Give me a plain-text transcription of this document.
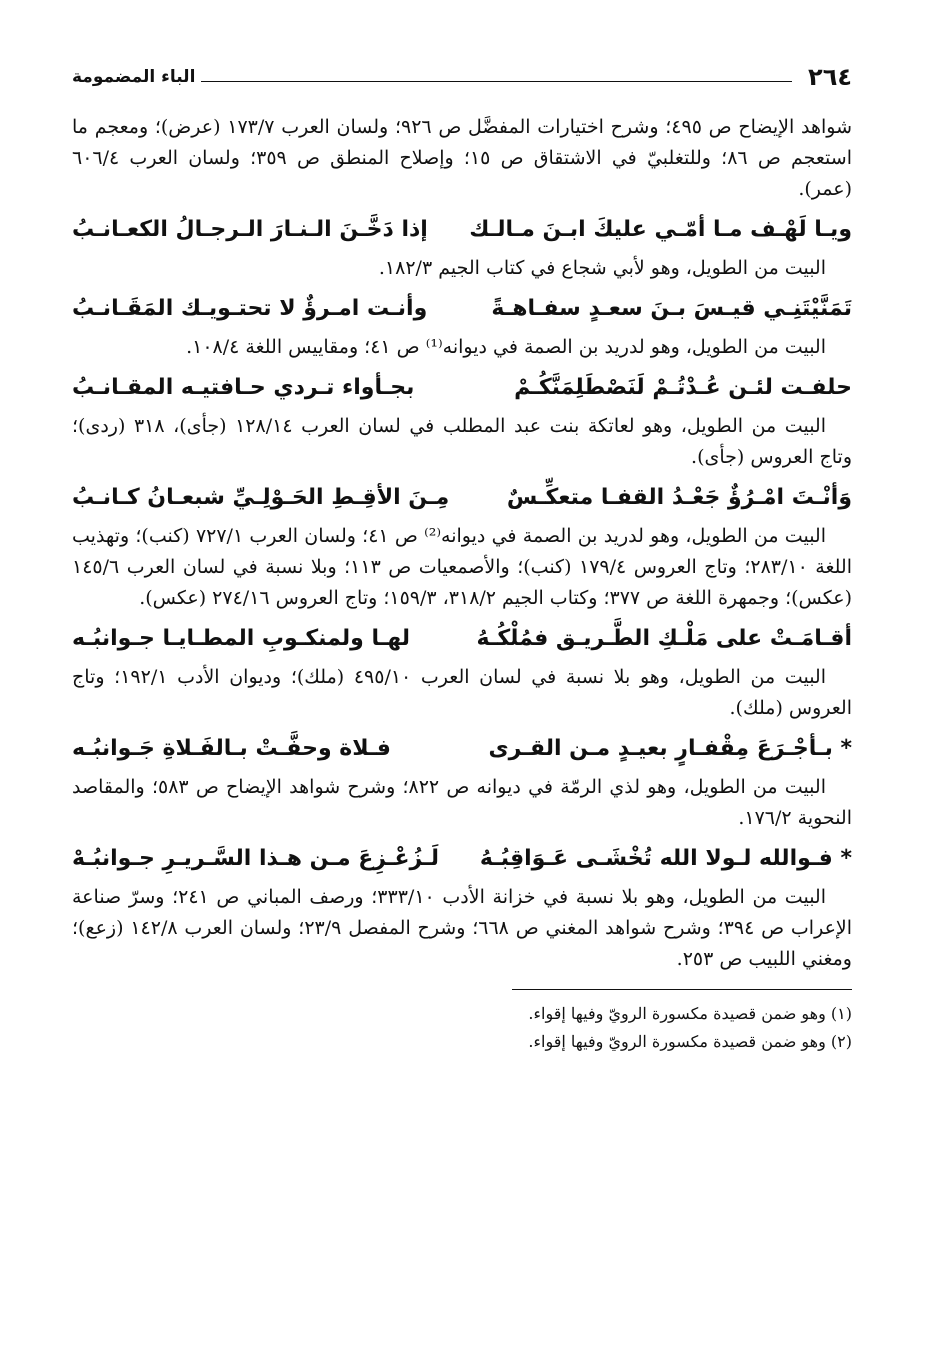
٢٦٤
الباء المضمومة

شواهد الإيضاح ص ٤٩٥؛ وشرح اختيارات المفضَّل ص ٩٢٦؛ ولسان العرب ١٧٣/٧ (عرض)؛ ومعجم ما استعجم ص ٨٦؛ وللتغلبيّ في الاشتقاق ص ١٥؛ وإصلاح المنطق ص ٣٥٩؛ ولسان العرب ٦٠٦/٤ (عمر).

ويـا لَهْـف مـا أمّـي عليكَ ابـنَ مـالـك
إذا دَخَّـنَ الـنـارَ الـرجـالُ الكعـانـبُ

البيت من الطويل، وهو لأبي شجاع في كتاب الجيم ١٨٢/٣.

تَمَنَّيْتَنِـي قيـسَ بـنَ سعـدٍ سفـاهـةً
وأنـت امـرؤٌ لا تحتـويـك المَقَـانـبُ

البيت من الطويل، وهو لدريد بن الصمة في ديوانه⁽¹⁾ ص ٤١؛ ومقاييس اللغة ١٠٨/٤.

حلفـت لئـن عُـدْتُـمْ لَنَصْطَلِمَنَّكُـمْ
بجـأواء تـردي حـافتيـه المقـانـبُ

البيت من الطويل، وهو لعاتكة بنت عبد المطلب في لسان العرب ١٢٨/١٤ (جأى)، ٣١٨ (ردى)؛ وتاج العروس (جأى).

وَأنْـتَ امْـرُؤٌ جَعْـدُ القفـا متعكِّـسٌ
مِـنَ الأقِـطِ الحَـوْلِـيِّ شبعـانُ كـانـبُ

البيت من الطويل، وهو لدريد بن الصمة في ديوانه⁽²⁾ ص ٤١؛ ولسان العرب ٧٢٧/١ (كنب)؛ وتهذيب اللغة ٢٨٣/١٠؛ وتاج العروس ١٧٩/٤ (كنب)؛ والأصمعيات ص ١١٣؛ وبلا نسبة في لسان العرب ١٤٥/٦ (عكس)؛ وجمهرة اللغة ص ٣٧٧؛ وكتاب الجيم ٣١٨/٢، ١٥٩/٣؛ وتاج العروس ٢٧٤/١٦ (عكس).

أقـامَـتْ على مَلْـكِ الطَّـريـق فمُلْكُـهُ
لهـا ولمنكـوبِ المطـايـا جـوانبُـه

البيت من الطويل، وهو بلا نسبة في لسان العرب ٤٩٥/١٠ (ملك)؛ وديوان الأدب ١٩٢/١؛ وتاج العروس (ملك).

* بـأجْـرَعَ مِقْفـارٍ بعيـدٍ مـن القـرى
فـلاة وحفَّـتْ بـالفَـلاةِ جَـوانبُـه

البيت من الطويل، وهو لذي الرمّة في ديوانه ص ٨٢٢؛ وشرح شواهد الإيضاح ص ٥٨٣؛ والمقاصد النحوية ١٧٦/٢.

* فـوالله لـولا الله تُخْشَـى عَـوَاقِبُـهُ
لَـزُعْـزِعَ مـن هـذا السَّـريـرِ جـوانبُـهْ

البيت من الطويل، وهو بلا نسبة في خزانة الأدب ٣٣٣/١٠؛ ورصف المباني ص ٢٤١؛ وسرّ صناعة الإعراب ص ٣٩٤؛ وشرح شواهد المغني ص ٦٦٨؛ وشرح المفصل ٢٣/٩؛ ولسان العرب ١٤٢/٨ (زعع)؛ ومغني اللبيب ص ٢٥٣.

(١) وهو ضمن قصيدة مكسورة الرويّ وفيها إقواء.

(٢) وهو ضمن قصيدة مكسورة الرويّ وفيها إقواء.
